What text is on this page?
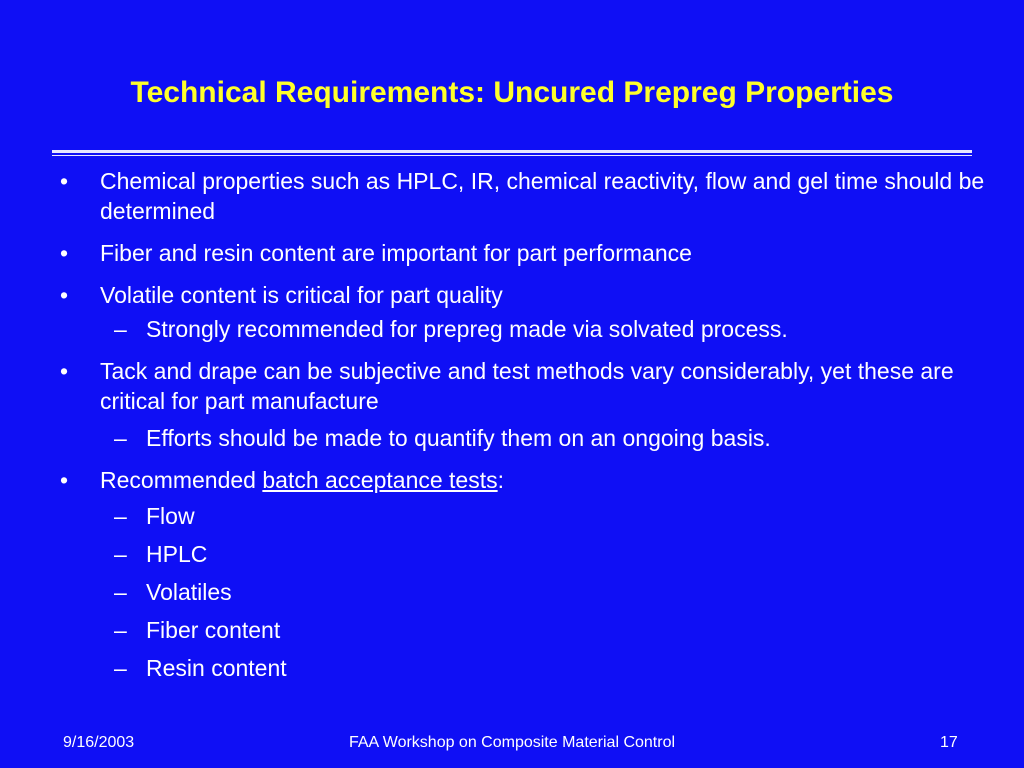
Technical Requirements: Uncured Prepreg Properties
• Chemical properties such as HPLC, IR, chemical reactivity, flow and gel time should be determined
• Fiber and resin content are important for part performance
• Volatile content is critical for part quality
– Strongly recommended for prepreg made via solvated process.
• Tack and drape can be subjective and test methods vary considerably, yet these are critical for part manufacture
– Efforts should be made to quantify them on an ongoing basis.
• Recommended batch acceptance tests:
– Flow
– HPLC
– Volatiles
– Fiber content
– Resin content
9/16/2003	FAA Workshop on Composite Material Control	17
